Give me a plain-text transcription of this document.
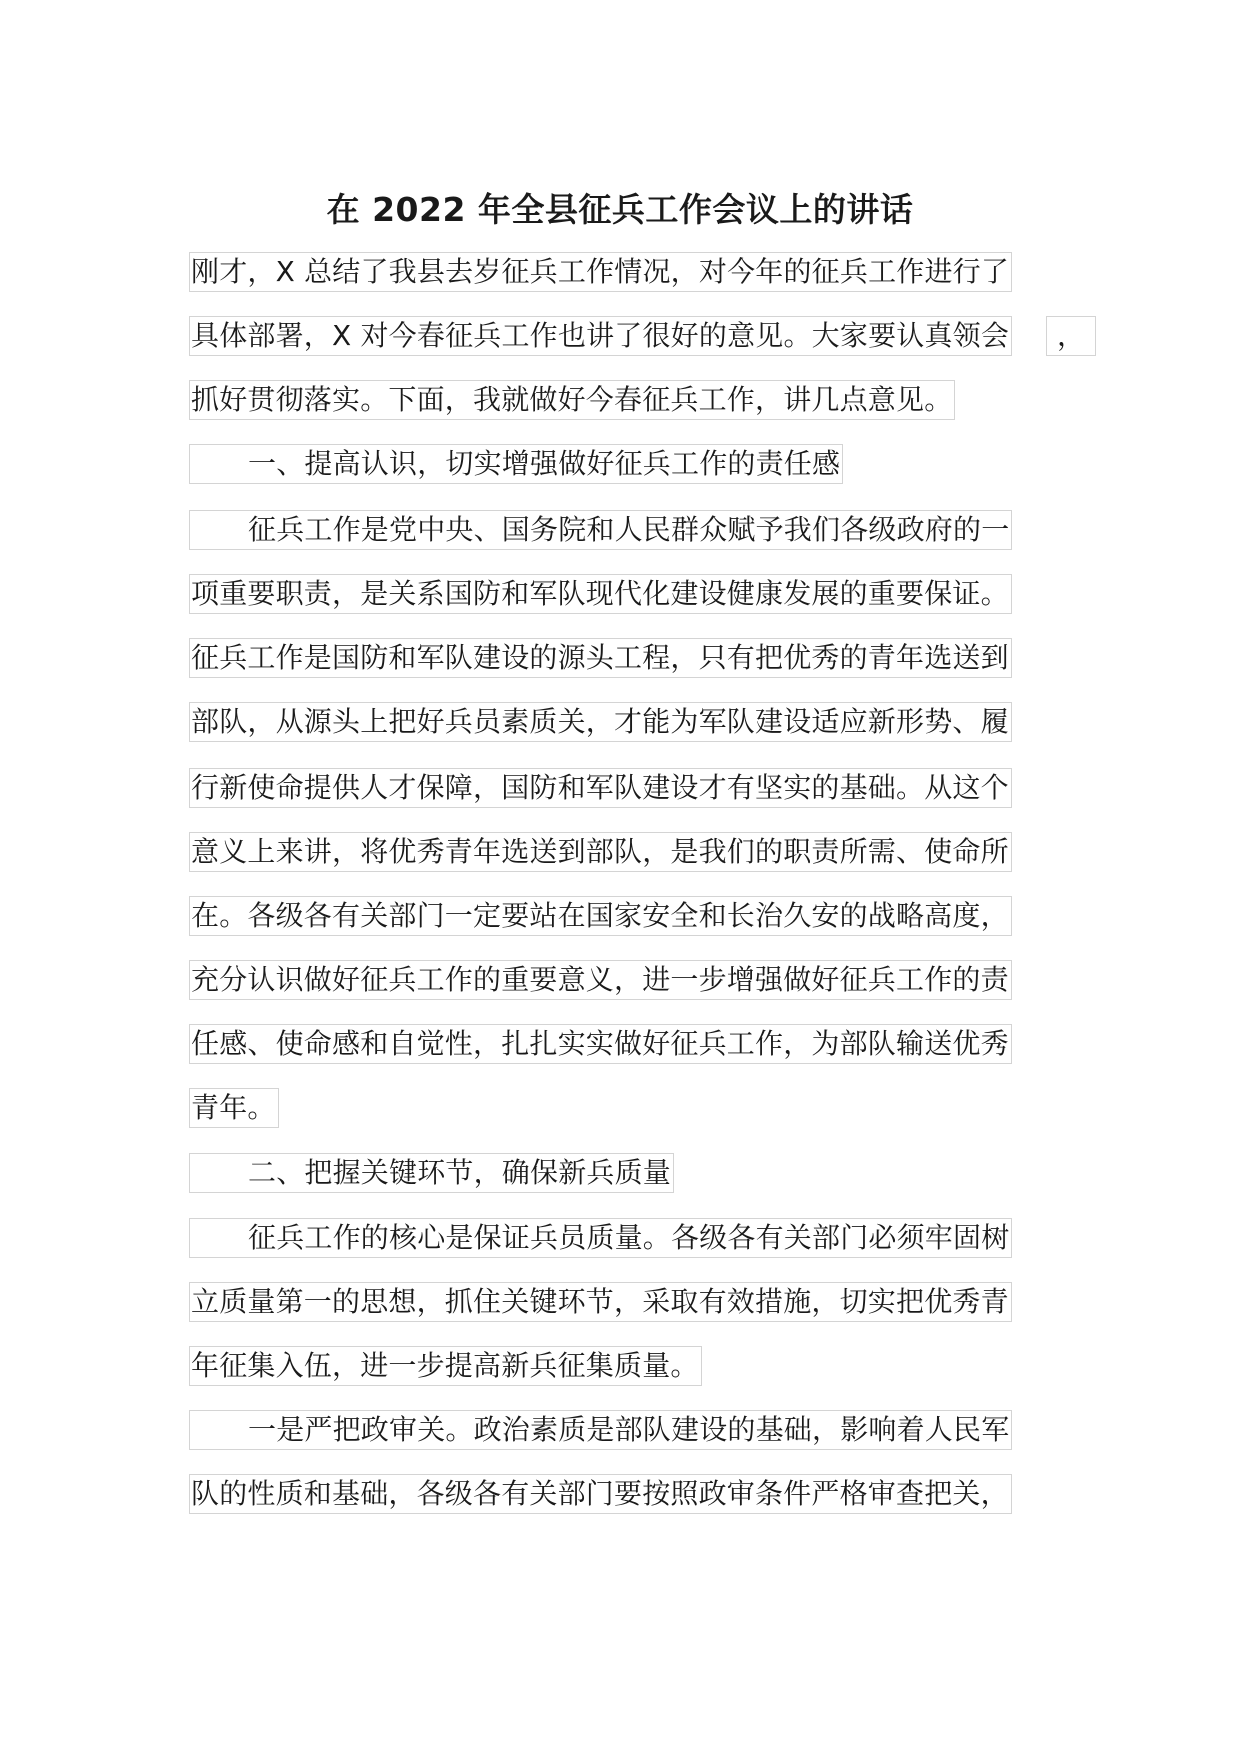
在 2022 年全县征兵工作会议上的讲话
刚才，X 总结了我县去岁征兵工作情况，对今年的征兵工作进行了
具体部署，X 对今春征兵工作也讲了很好的意见。大家要认真领会	，
抓好贯彻落实。下面，我就做好今春征兵工作，讲几点意见。
一、提高认识，切实增强做好征兵工作的责任感
征兵工作是党中央、国务院和人民群众赋予我们各级政府的一
项重要职责，是关系国防和军队现代化建设健康发展的重要保证。
征兵工作是国防和军队建设的源头工程，只有把优秀的青年选送到
部队，从源头上把好兵员素质关，才能为军队建设适应新形势、履
行新使命提供人才保障，国防和军队建设才有坚实的基础。从这个
意义上来讲，将优秀青年选送到部队，是我们的职责所需、使命所
在。各级各有关部门一定要站在国家安全和长治久安的战略高度，
充分认识做好征兵工作的重要意义，进一步增强做好征兵工作的责
任感、使命感和自觉性，扎扎实实做好征兵工作，为部队输送优秀
青年。
二、把握关键环节，确保新兵质量
征兵工作的核心是保证兵员质量。各级各有关部门必须牢固树
立质量第一的思想，抓住关键环节，采取有效措施，切实把优秀青
年征集入伍，进一步提高新兵征集质量。
一是严把政审关。政治素质是部队建设的基础，影响着人民军
队的性质和基础，各级各有关部门要按照政审条件严格审查把关，
